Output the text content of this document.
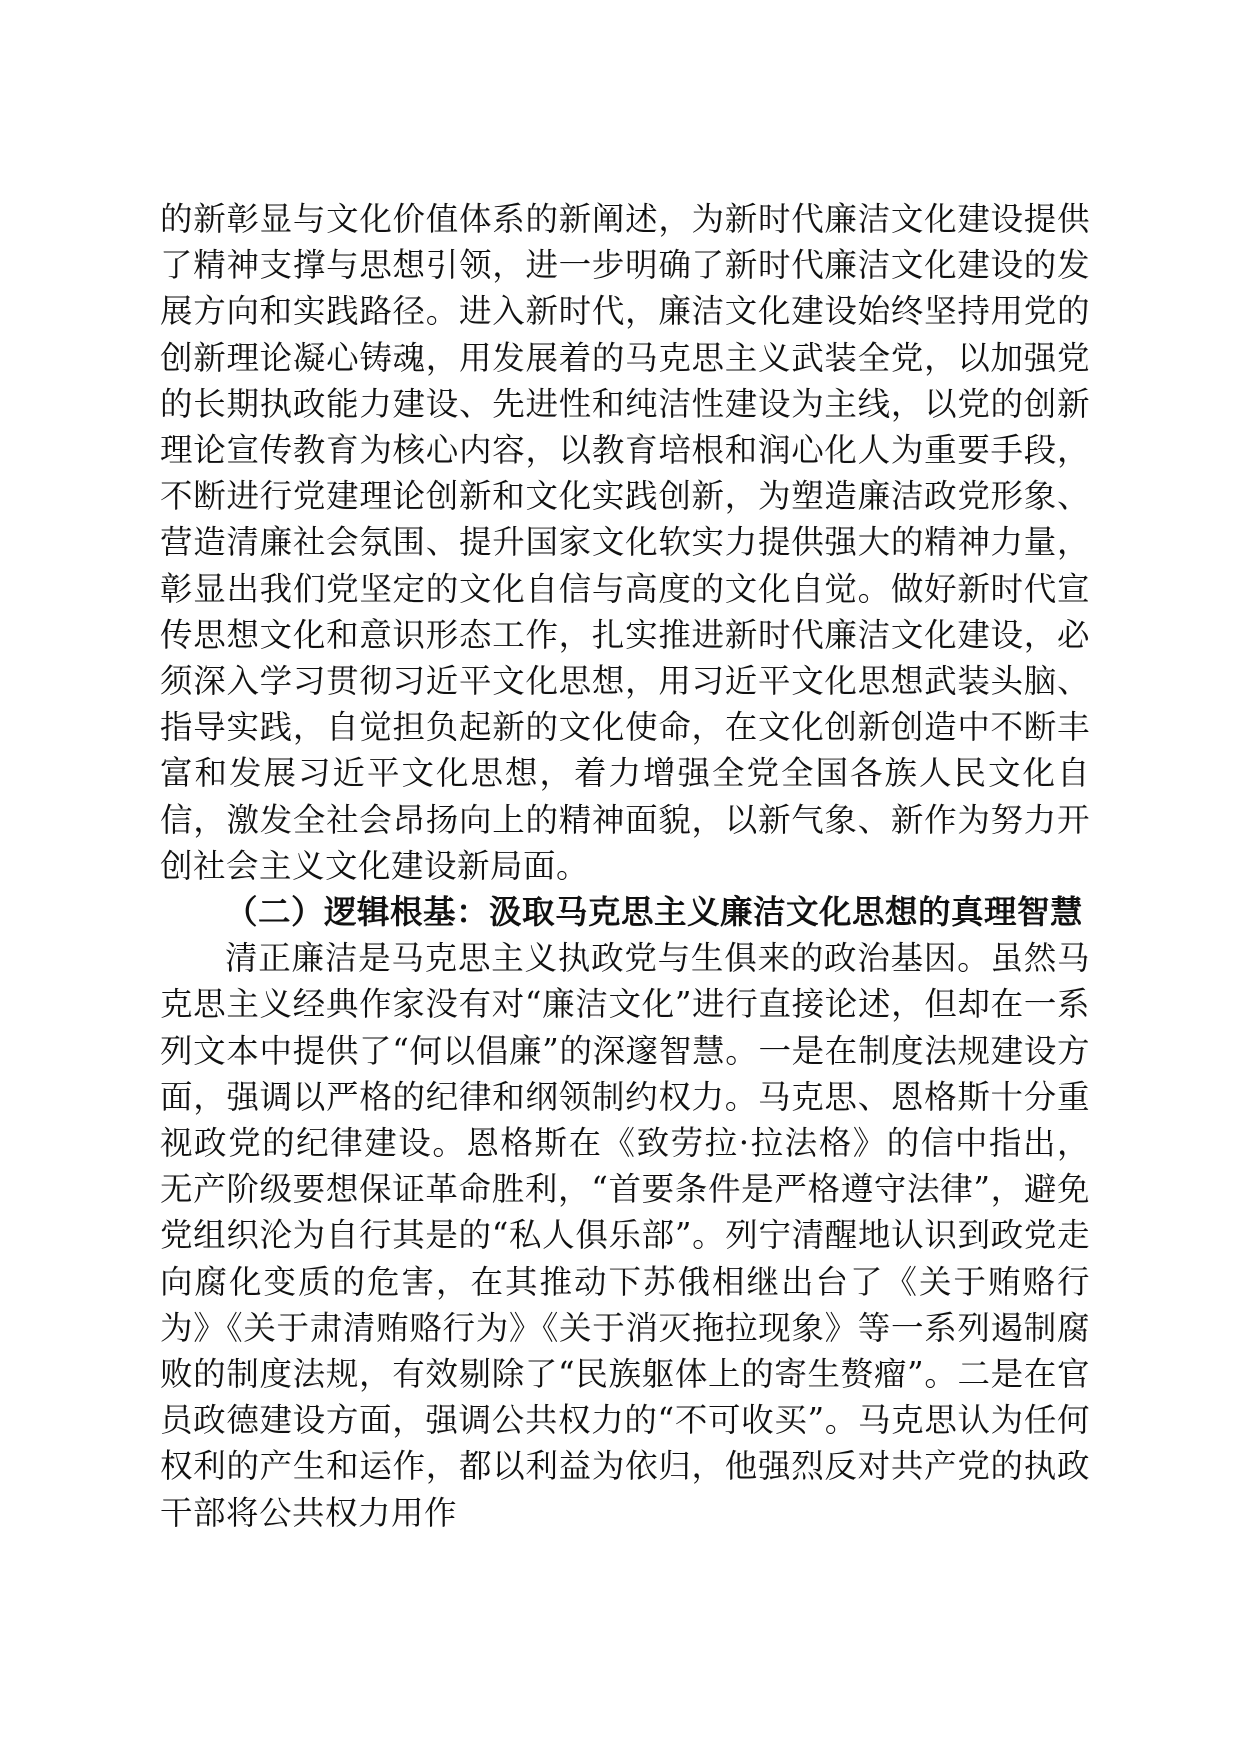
的新彰显与文化价值体系的新阐述，为新时代廉洁文化建设提供了精神支撑与思想引领，进一步明确了新时代廉洁文化建设的发展方向和实践路径。进入新时代，廉洁文化建设始终坚持用党的创新理论凝心铸魂，用发展着的马克思主义武装全党，以加强党的长期执政能力建设、先进性和纯洁性建设为主线，以党的创新理论宣传教育为核心内容，以教育培根和润心化人为重要手段，不断进行党建理论创新和文化实践创新，为塑造廉洁政党形象、营造清廉社会氛围、提升国家文化软实力提供强大的精神力量，彰显出我们党坚定的文化自信与高度的文化自觉。做好新时代宣传思想文化和意识形态工作，扎实推进新时代廉洁文化建设，必须深入学习贯彻习近平文化思想，用习近平文化思想武装头脑、指导实践，自觉担负起新的文化使命，在文化创新创造中不断丰富和发展习近平文化思想，着力增强全党全国各族人民文化自信，激发全社会昂扬向上的精神面貌，以新气象、新作为努力开创社会主义文化建设新局面。

（二）逻辑根基：汲取马克思主义廉洁文化思想的真理智慧

清正廉洁是马克思主义执政党与生俱来的政治基因。虽然马克思主义经典作家没有对“廉洁文化”进行直接论述，但却在一系列文本中提供了“何以倡廉”的深邃智慧。一是在制度法规建设方面，强调以严格的纪律和纲领制约权力。马克思、恩格斯十分重视政党的纪律建设。恩格斯在《致劳拉·拉法格》的信中指出，无产阶级要想保证革命胜利，“首要条件是严格遵守法律”，避免党组织沦为自行其是的“私人俱乐部”。列宁清醒地认识到政党走向腐化变质的危害，在其推动下苏俄相继出台了《关于贿赂行为》《关于肃清贿赂行为》《关于消灭拖拉现象》等一系列遏制腐败的制度法规，有效剔除了“民族躯体上的寄生赘瘤”。二是在官员政德建设方面，强调公共权力的“不可收买”。马克思认为任何权利的产生和运作，都以利益为依归，他强烈反对共产党的执政干部将公共权力用作
